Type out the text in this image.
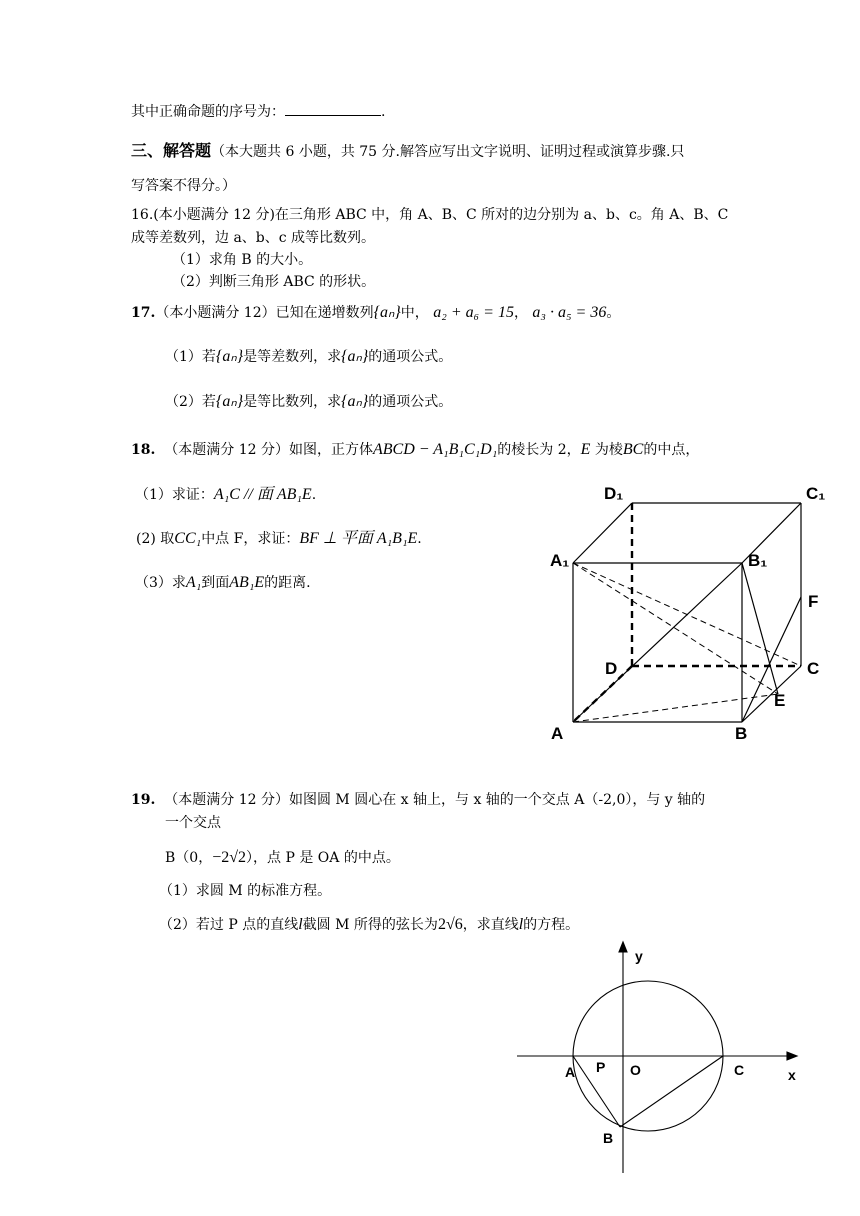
其中正确命题的序号为：	.
三、解答题（本大题共 6 小题，共 75 分.解答应写出文字说明、证明过程或演算步骤.只
写答案不得分。）
16.(本小题满分 12 分)在三角形 ABC 中，角 A、B、C 所对的边分别为 a、b、c。角 A、B、C
成等差数列，边 a、b、c 成等比数列。
（1）求角 B 的大小。
（2）判断三角形 ABC 的形状。
17.（本小题满分 12）已知在递增数列{aₙ}中， a₂ + a₆ = 15， a₃ · a₅ = 36。
（1）若{aₙ}是等差数列，求{aₙ}的通项公式。
（2）若{aₙ}是等比数列，求{aₙ}的通项公式。
18. （本题满分 12 分）如图，正方体ABCD − A₁B₁C₁D₁的棱长为 2，E 为棱BC的中点，
（1）求证：A₁C // 面 AB₁E.
(2) 取CC₁中点 F，求证：BF ⊥ 平面 A₁B₁E.
（3）求A₁到面AB₁E的距离.
D₁	C₁
A₁	B₁
F
D	C
E
A	B
19. （本题满分 12 分）如图圆 M 圆心在 x 轴上，与 x 轴的一个交点 A（-2,0），与 y 轴的
一个交点
B（0，−2√2），点 P 是 OA 的中点。
（1）求圆 M 的标准方程。
（2）若过 P 点的直线l截圆 M 所得的弦长为2√6，求直线l的方程。
y
x
A P O	C
B
